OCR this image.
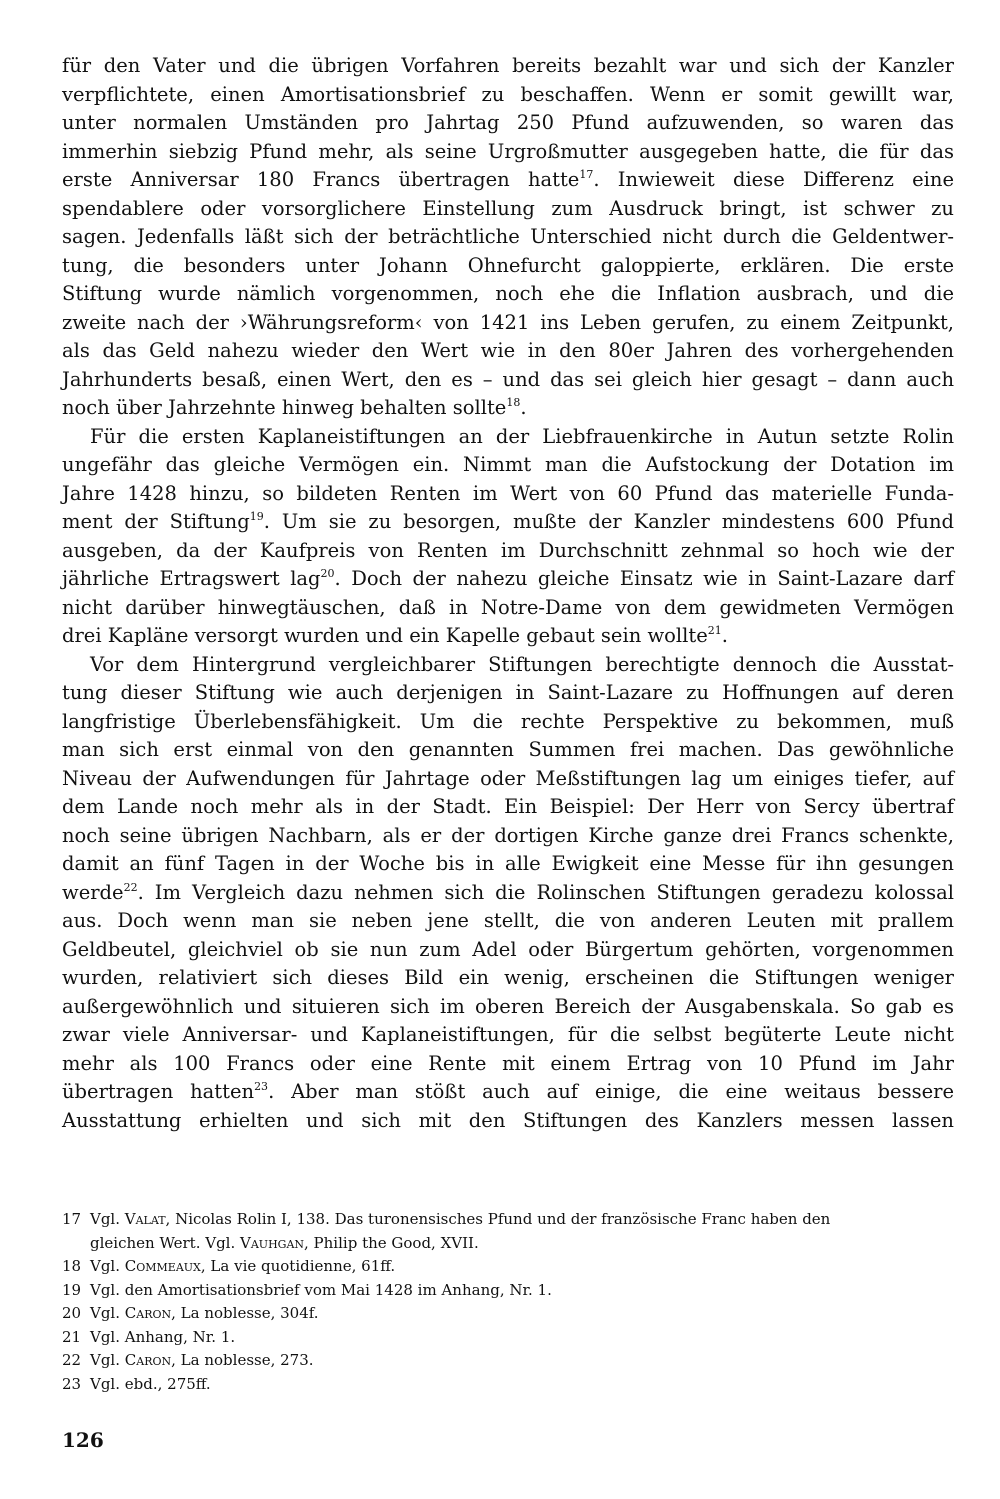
für den Vater und die übrigen Vorfahren bereits bezahlt war und sich der Kanzler
verpflichtete, einen Amortisationsbrief zu beschaffen. Wenn er somit gewillt war,
unter normalen Umständen pro Jahrtag 250 Pfund aufzuwenden, so waren das
immerhin siebzig Pfund mehr, als seine Urgroßmutter ausgegeben hatte, die für das
erste Anniversar 180 Francs übertragen hatte$^{17}$. Inwieweit diese Differenz eine
spendablere oder vorsorglichere Einstellung zum Ausdruck bringt, ist schwer zu
sagen. Jedenfalls läßt sich der beträchtliche Unterschied nicht durch die Geldentwer-
tung, die besonders unter Johann Ohnefurcht galoppierte, erklären. Die erste
Stiftung wurde nämlich vorgenommen, noch ehe die Inflation ausbrach, und die
zweite nach der ›Währungsreform‹ von 1421 ins Leben gerufen, zu einem Zeitpunkt,
als das Geld nahezu wieder den Wert wie in den 80er Jahren des vorhergehenden
Jahrhunderts besaß, einen Wert, den es – und das sei gleich hier gesagt – dann auch
noch über Jahrzehnte hinweg behalten sollte$^{18}$.
Für die ersten Kaplaneistiftungen an der Liebfrauenkirche in Autun setzte Rolin
ungefähr das gleiche Vermögen ein. Nimmt man die Aufstockung der Dotation im
Jahre 1428 hinzu, so bildeten Renten im Wert von 60 Pfund das materielle Funda-
ment der Stiftung$^{19}$. Um sie zu besorgen, mußte der Kanzler mindestens 600 Pfund
ausgeben, da der Kaufpreis von Renten im Durchschnitt zehnmal so hoch wie der
jährliche Ertragswert lag$^{20}$. Doch der nahezu gleiche Einsatz wie in Saint-Lazare darf
nicht darüber hinwegtäuschen, daß in Notre-Dame von dem gewidmeten Vermögen
drei Kapläne versorgt wurden und ein Kapelle gebaut sein wollte$^{21}$.
Vor dem Hintergrund vergleichbarer Stiftungen berechtigte dennoch die Ausstat-
tung dieser Stiftung wie auch derjenigen in Saint-Lazare zu Hoffnungen auf deren
langfristige Überlebensfähigkeit. Um die rechte Perspektive zu bekommen, muß
man sich erst einmal von den genannten Summen frei machen. Das gewöhnliche
Niveau der Aufwendungen für Jahrtage oder Meßstiftungen lag um einiges tiefer, auf
dem Lande noch mehr als in der Stadt. Ein Beispiel: Der Herr von Sercy übertraf
noch seine übrigen Nachbarn, als er der dortigen Kirche ganze drei Francs schenkte,
damit an fünf Tagen in der Woche bis in alle Ewigkeit eine Messe für ihn gesungen
werde$^{22}$. Im Vergleich dazu nehmen sich die Rolinschen Stiftungen geradezu kolossal
aus. Doch wenn man sie neben jene stellt, die von anderen Leuten mit prallem
Geldbeutel, gleichviel ob sie nun zum Adel oder Bürgertum gehörten, vorgenommen
wurden, relativiert sich dieses Bild ein wenig, erscheinen die Stiftungen weniger
außergewöhnlich und situieren sich im oberen Bereich der Ausgabenskala. So gab es
zwar viele Anniversar- und Kaplaneistiftungen, für die selbst begüterte Leute nicht
mehr als 100 Francs oder eine Rente mit einem Ertrag von 10 Pfund im Jahr
übertragen hatten$^{23}$. Aber man stößt auch auf einige, die eine weitaus bessere
Ausstattung erhielten und sich mit den Stiftungen des Kanzlers messen lassen
17 Vgl. Valat, Nicolas Rolin I, 138. Das turonensisches Pfund und der französische Franc haben den
gleichen Wert. Vgl. Vauhgan, Philip the Good, XVII.
18 Vgl. Commeaux, La vie quotidienne, 61ff.
19 Vgl. den Amortisationsbrief vom Mai 1428 im Anhang, Nr. 1.
20 Vgl. Caron, La noblesse, 304f.
21 Vgl. Anhang, Nr. 1.
22 Vgl. Caron, La noblesse, 273.
23 Vgl. ebd., 275ff.
126
